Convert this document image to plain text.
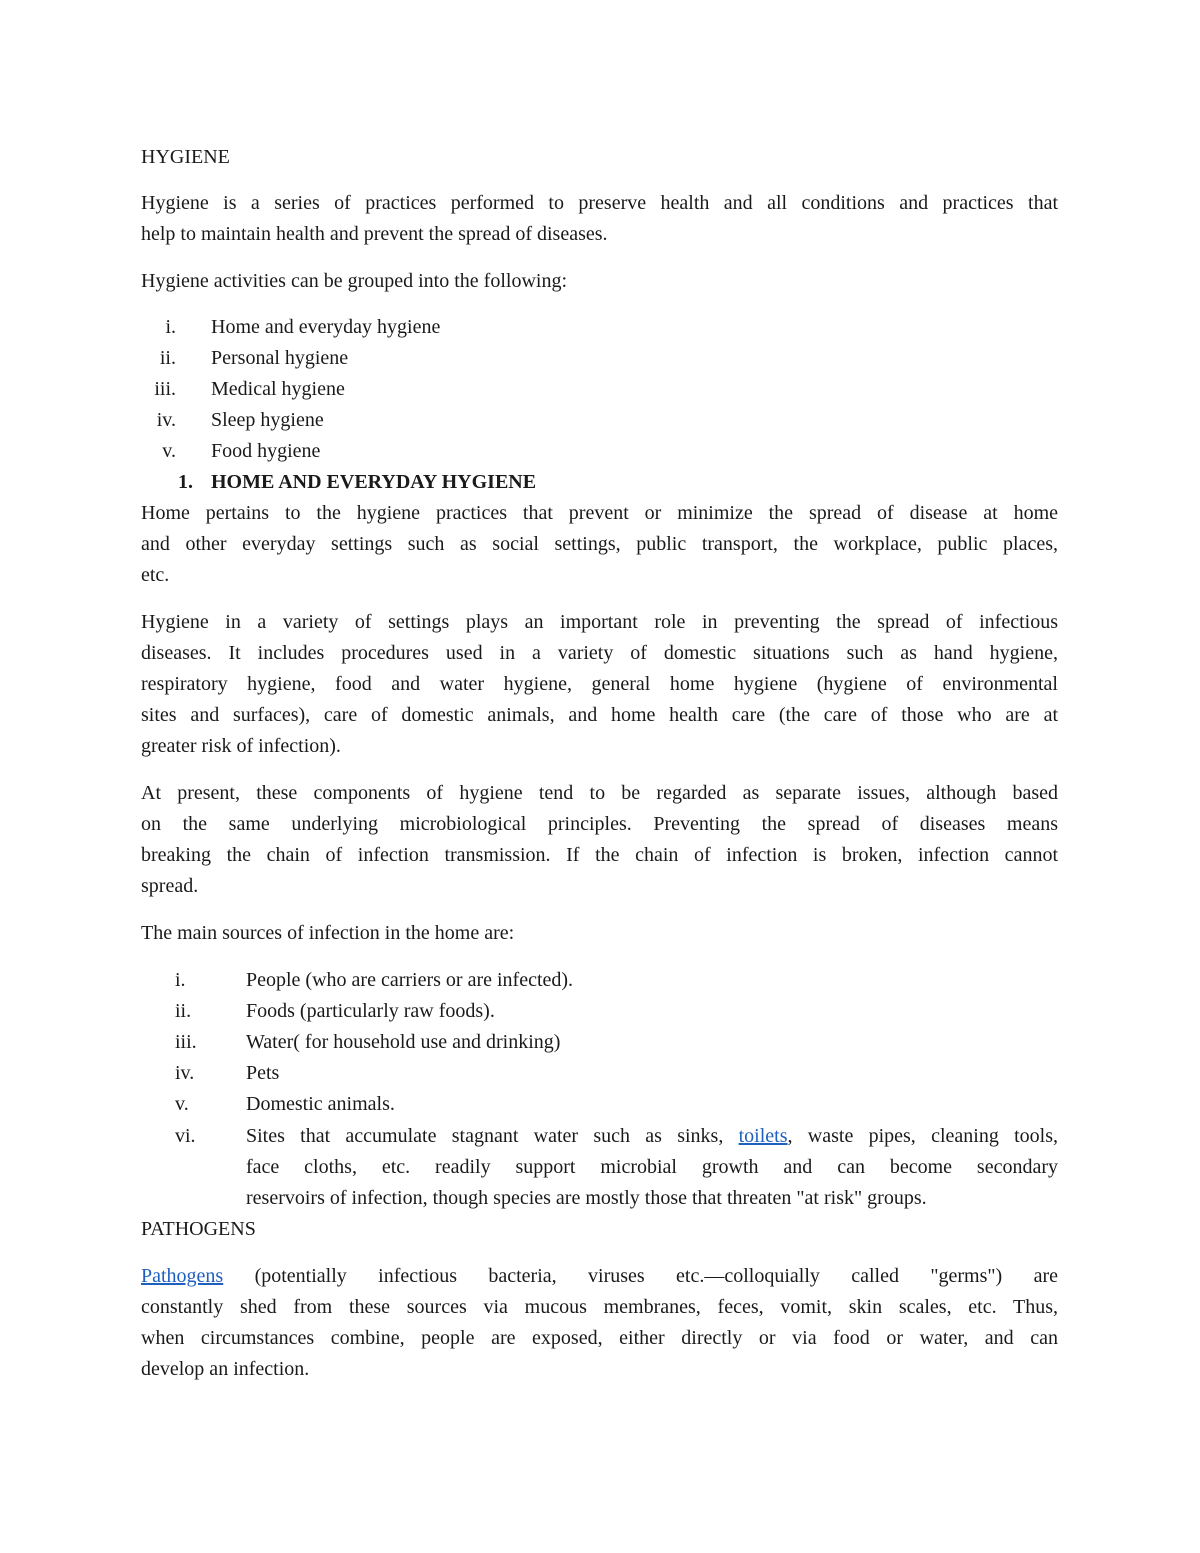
HYGIENE
Hygiene is a series of practices performed to preserve health and all conditions and practices that
help to maintain health and prevent the spread of diseases.
Hygiene activities can be grouped into the following:
i. Home and everyday hygiene
ii. Personal hygiene
iii. Medical hygiene
iv. Sleep hygiene
v. Food hygiene
1. HOME AND EVERYDAY HYGIENE
Home pertains to the hygiene practices that prevent or minimize the spread of disease at home
and other everyday settings such as social settings, public transport, the workplace, public places,
etc.
Hygiene in a variety of settings plays an important role in preventing the spread of infectious
diseases. It includes procedures used in a variety of domestic situations such as hand hygiene,
respiratory hygiene, food and water hygiene, general home hygiene (hygiene of environmental
sites and surfaces), care of domestic animals, and home health care (the care of those who are at
greater risk of infection).
At present, these components of hygiene tend to be regarded as separate issues, although based
on the same underlying microbiological principles. Preventing the spread of diseases means
breaking the chain of infection transmission. If the chain of infection is broken, infection cannot
spread.
The main sources of infection in the home are:
i.	People (who are carriers or are infected).
ii.	Foods (particularly raw foods).
iii. Water( for household use and drinking)
iv.	Pets
v.	Domestic animals.
vi.	Sites that accumulate stagnant water such as sinks, toilets, waste pipes, cleaning tools,
face cloths, etc. readily support microbial growth and can become secondary
reservoirs of infection, though species are mostly those that threaten "at risk" groups.
PATHOGENS
Pathogens (potentially infectious bacteria, viruses etc.—colloquially called "germs") are
constantly shed from these sources via mucous membranes, feces, vomit, skin scales, etc. Thus,
when circumstances combine, people are exposed, either directly or via food or water, and can
develop an infection.
